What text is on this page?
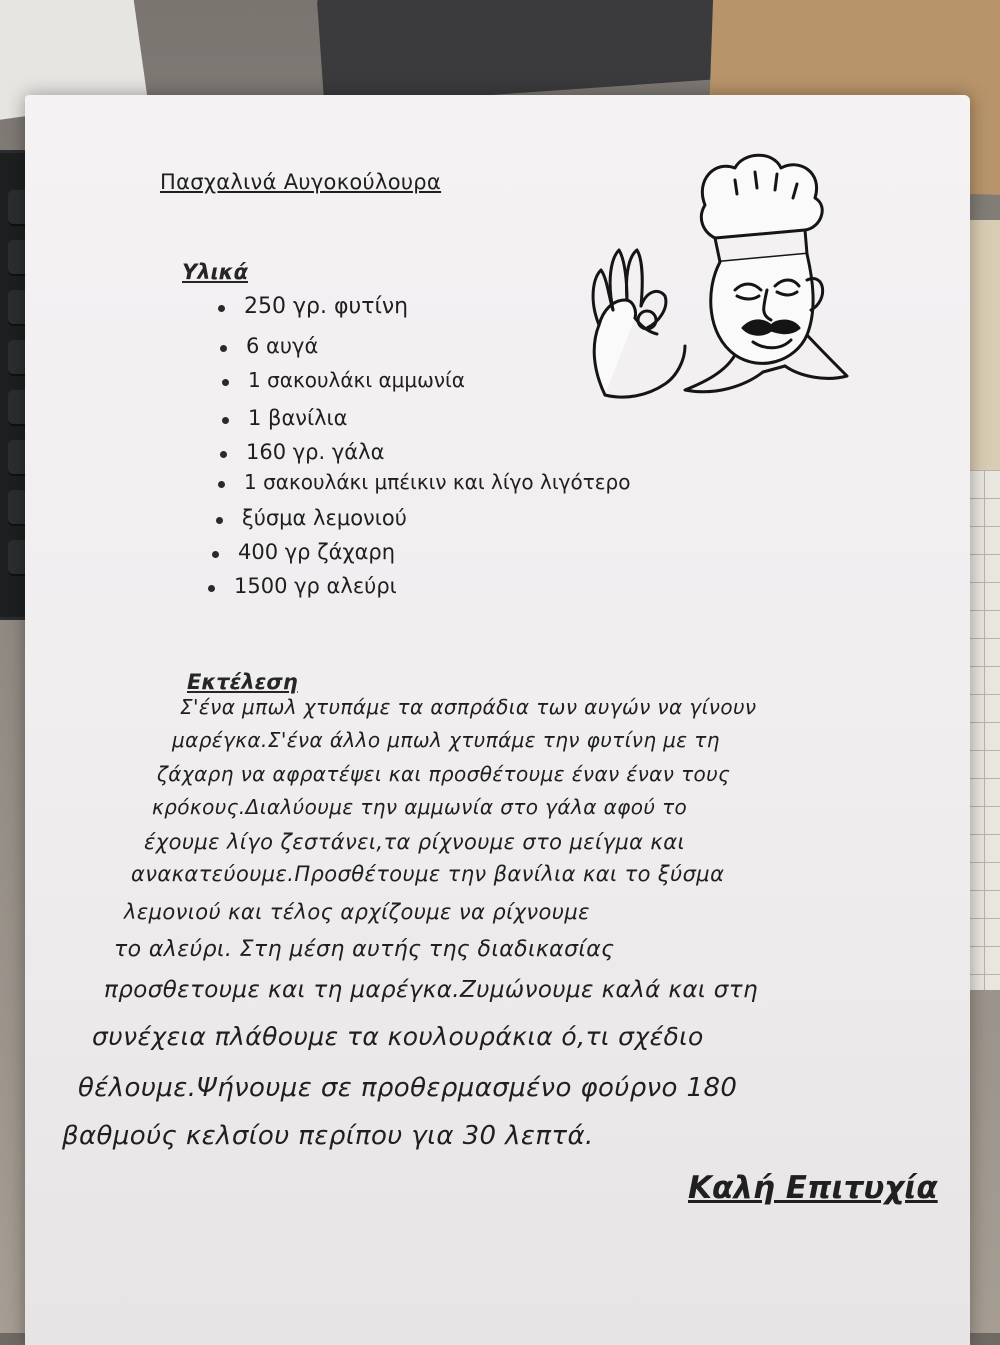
Πασχαλινά Αυγοκούλουρα
Υλικά
250 γρ. φυτίνη
6 αυγά
1 σακουλάκι αμμωνία
1 βανίλια
160 γρ. γάλα
1 σακουλάκι μπέικιν και λίγο λιγότερο
ξύσμα λεμονιού
400 γρ ζάχαρη
1500 γρ αλεύρι
Εκτέλεση
Σ'ένα μπωλ χτυπάμε τα ασπράδια των αυγών να γίνουν
μαρέγκα.Σ'ένα άλλο μπωλ χτυπάμε την φυτίνη με τη
ζάχαρη να αφρατέψει και προσθέτουμε έναν έναν τους
κρόκους.Διαλύουμε την αμμωνία στο γάλα αφού το
έχουμε λίγο ζεστάνει,τα ρίχνουμε στο μείγμα και
ανακατεύουμε.Προσθέτουμε την βανίλια και το ξύσμα
λεμονιού και τέλος αρχίζουμε να ρίχνουμε
το αλεύρι. Στη μέση αυτής της διαδικασίας
προσθετουμε και τη μαρέγκα.Ζυμώνουμε καλά και στη
συνέχεια πλάθουμε τα κουλουράκια ό,τι σχέδιο
θέλουμε.Ψήνουμε σε προθερμασμένο φούρνο 180
βαθμούς κελσίου περίπου για 30 λεπτά.
Καλή Επιτυχία
